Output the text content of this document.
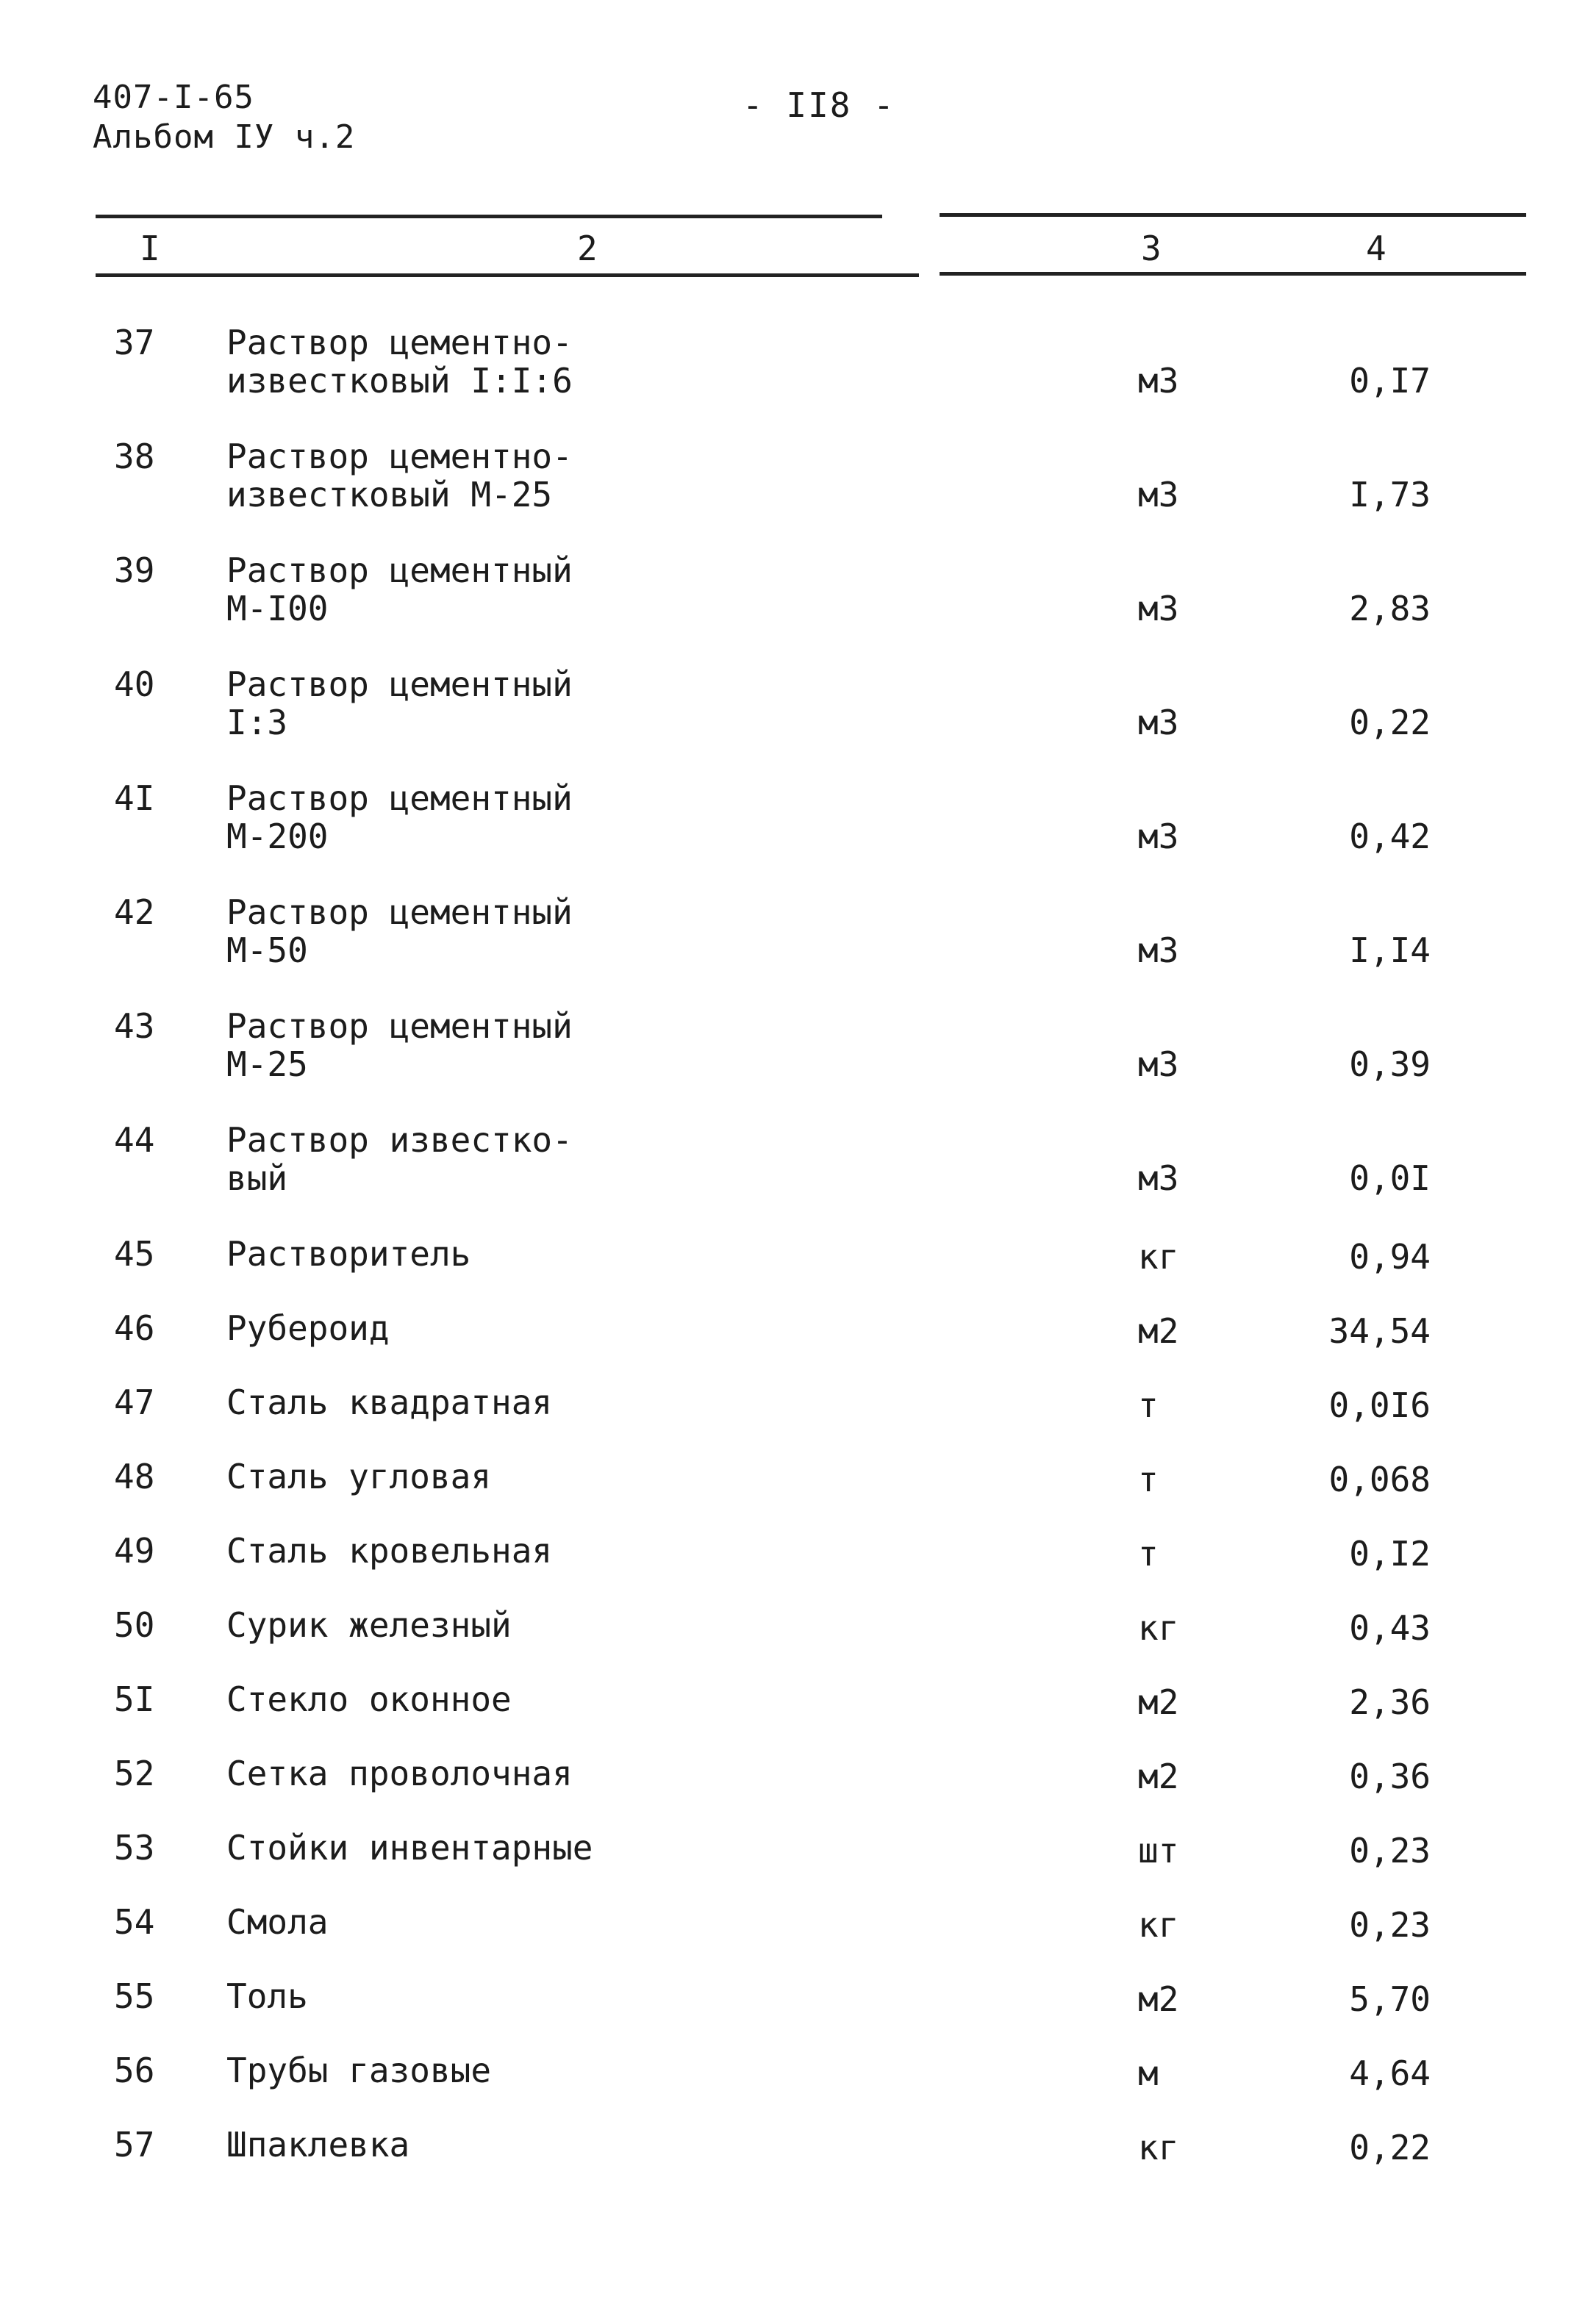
407-I-65
Альбом IУ ч.2
- II8 -
I	2	3	4
37 Раствор цементно-
известковый I:I:6	м3	0,I7
38 Раствор цементно-
известковый М-25	м3	I,73
39 Раствор цементный
М-I00	м3	2,83
40 Раствор цементный
I:3	м3	0,22
4I Раствор цементный
М-200	м3	0,42
42 Раствор цементный
М-50	м3	I,I4
43 Раствор цементный
М-25	м3	0,39
44 Раствор известко-
вый	м3	0,0I
45 Растворитель	кг	0,94
46 Рубероид	м2	34,54
47 Сталь квадратная	т	0,0I6
48 Сталь угловая	т	0,068
49 Сталь кровельная	т	0,I2
50 Сурик железный	кг	0,43
5I Стекло оконное	м2	2,36
52 Сетка проволочная	м2	0,36
53 Стойки инвентарные	шт	0,23
54 Смола	кг	0,23
55 Толь	м2	5,70
56 Трубы газовые	м	4,64
57 Шпаклевка	кг	0,22
